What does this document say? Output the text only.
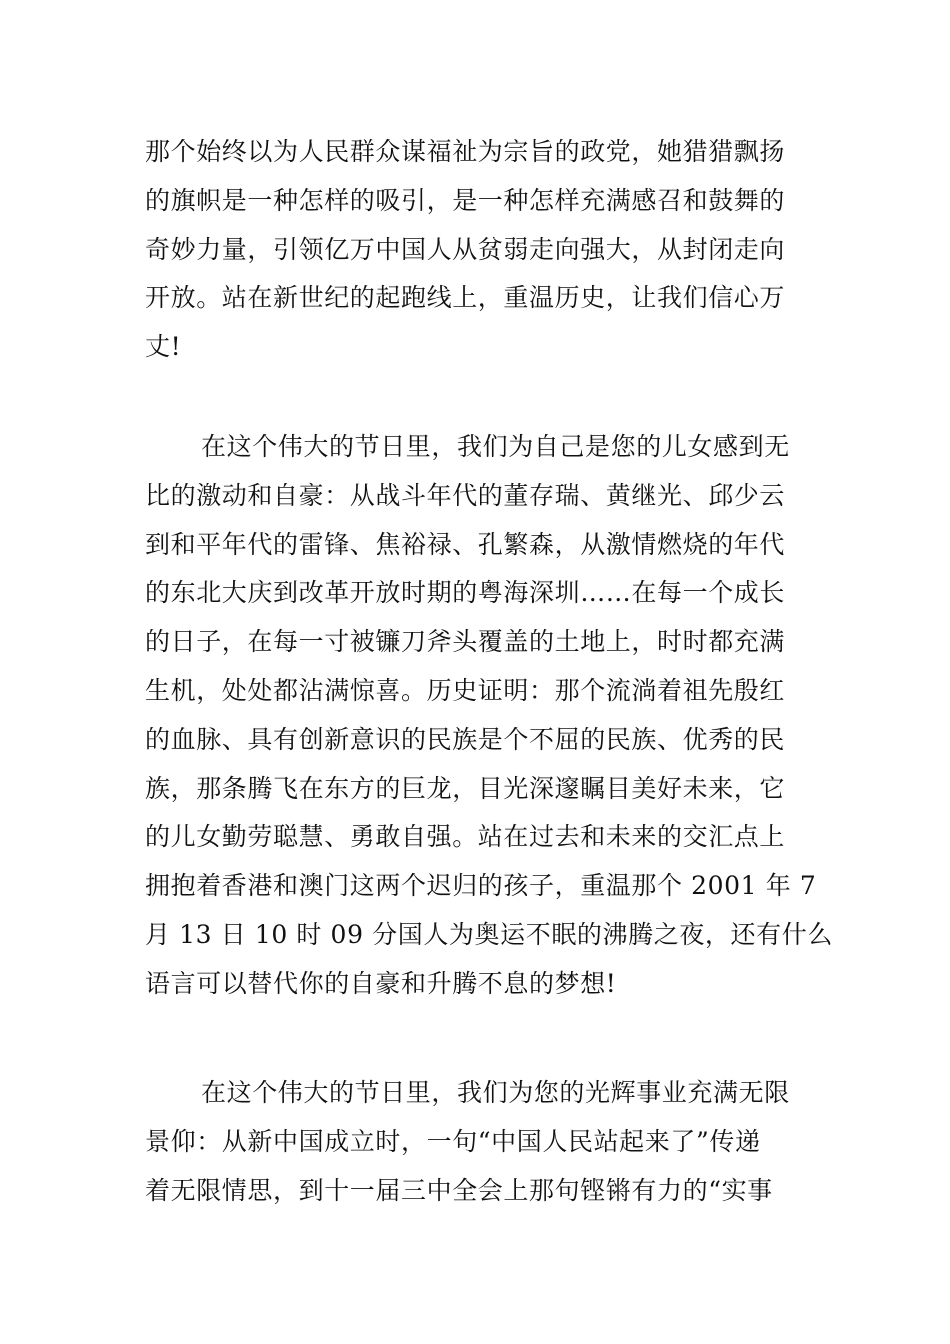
那个始终以为人民群众谋福祉为宗旨的政党，她猎猎飘扬
的旗帜是一种怎样的吸引，是一种怎样充满感召和鼓舞的
奇妙力量，引领亿万中国人从贫弱走向强大，从封闭走向
开放。站在新世纪的起跑线上，重温历史，让我们信心万
丈!

在这个伟大的节日里，我们为自己是您的儿女感到无
比的激动和自豪：从战斗年代的董存瑞、黄继光、邱少云
到和平年代的雷锋、焦裕禄、孔繁森，从激情燃烧的年代
的东北大庆到改革开放时期的粤海深圳……在每一个成长
的日子，在每一寸被镰刀斧头覆盖的土地上，时时都充满
生机，处处都沾满惊喜。历史证明：那个流淌着祖先殷红
的血脉、具有创新意识的民族是个不屈的民族、优秀的民
族，那条腾飞在东方的巨龙，目光深邃瞩目美好未来，它
的儿女勤劳聪慧、勇敢自强。站在过去和未来的交汇点上
拥抱着香港和澳门这两个迟归的孩子，重温那个 2001 年 7
月 13 日 10 时 09 分国人为奥运不眠的沸腾之夜，还有什么
语言可以替代你的自豪和升腾不息的梦想!

在这个伟大的节日里，我们为您的光辉事业充满无限
景仰：从新中国成立时，一句“中国人民站起来了”传递
着无限情思，到十一届三中全会上那句铿锵有力的“实事
